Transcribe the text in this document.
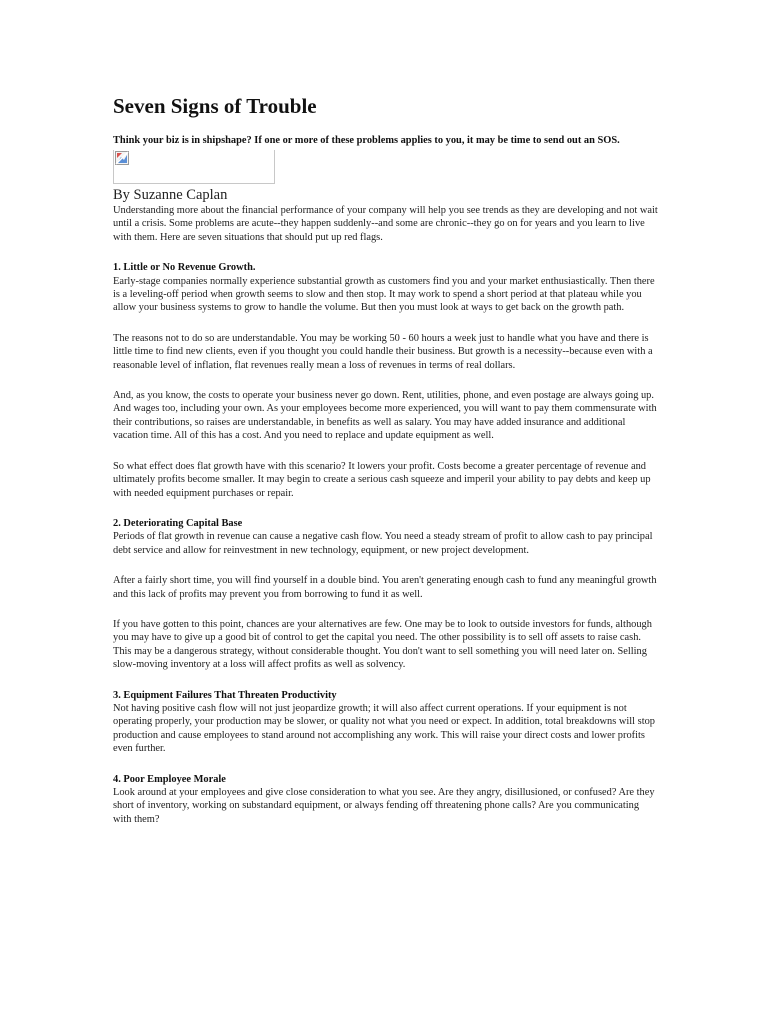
Seven Signs of Trouble

Think your biz is in shipshape? If one or more of these problems applies to you, it may be time to send out an SOS.

By Suzanne Caplan

Understanding more about the financial performance of your company will help you see trends as they are developing and not wait until a crisis. Some problems are acute--they happen suddenly--and some are chronic--they go on for years and you learn to live with them. Here are seven situations that should put up red flags.

1. Little or No Revenue Growth.

Early-stage companies normally experience substantial growth as customers find you and your market enthusiastically. Then there is a leveling-off period when growth seems to slow and then stop. It may work to spend a short period at that plateau while you allow your business systems to grow to handle the volume. But then you must look at ways to get back on the growth path.

The reasons not to do so are understandable. You may be working 50 - 60 hours a week just to handle what you have and there is little time to find new clients, even if you thought you could handle their business. But growth is a necessity--because even with a reasonable level of inflation, flat revenues really mean a loss of revenues in terms of real dollars.

And, as you know, the costs to operate your business never go down. Rent, utilities, phone, and even postage are always going up. And wages too, including your own. As your employees become more experienced, you will want to pay them commensurate with their contributions, so raises are understandable, in benefits as well as salary. You may have added insurance and additional vacation time. All of this has a cost. And you need to replace and update equipment as well.

So what effect does flat growth have with this scenario? It lowers your profit. Costs become a greater percentage of revenue and ultimately profits become smaller. It may begin to create a serious cash squeeze and imperil your ability to pay debts and keep up with needed equipment purchases or repair.

2. Deteriorating Capital Base

Periods of flat growth in revenue can cause a negative cash flow. You need a steady stream of profit to allow cash to pay principal debt service and allow for reinvestment in new technology, equipment, or new project development.

After a fairly short time, you will find yourself in a double bind. You aren't generating enough cash to fund any meaningful growth and this lack of profits may prevent you from borrowing to fund it as well.

If you have gotten to this point, chances are your alternatives are few. One may be to look to outside investors for funds, although you may have to give up a good bit of control to get the capital you need. The other possibility is to sell off assets to raise cash. This may be a dangerous strategy, without considerable thought. You don't want to sell something you will need later on. Selling slow-moving inventory at a loss will affect profits as well as solvency.

3. Equipment Failures That Threaten Productivity

Not having positive cash flow will not just jeopardize growth; it will also affect current operations. If your equipment is not operating properly, your production may be slower, or quality not what you need or expect. In addition, total breakdowns will stop production and cause employees to stand around not accomplishing any work. This will raise your direct costs and lower profits even further.

4. Poor Employee Morale

Look around at your employees and give close consideration to what you see. Are they angry, disillusioned, or confused? Are they short of inventory, working on substandard equipment, or always fending off threatening phone calls? Are you communicating with them?
